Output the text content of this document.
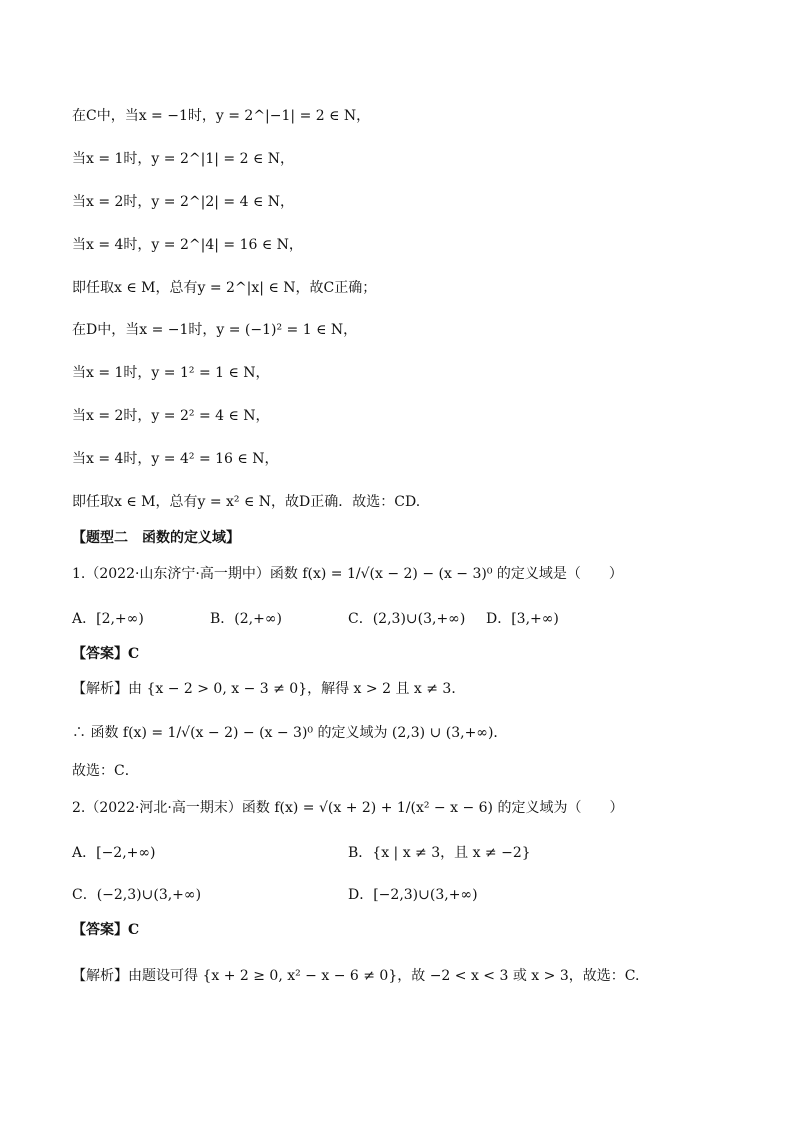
在C中，当x = −1时，y = 2^|−1| = 2 ∈ N，
当x = 1时，y = 2^|1| = 2 ∈ N，
当x = 2时，y = 2^|2| = 4 ∈ N，
当x = 4时，y = 2^|4| = 16 ∈ N，
即任取x ∈ M，总有y = 2^|x| ∈ N，故C正确；
在D中，当x = −1时，y = (−1)² = 1 ∈ N，
当x = 1时，y = 1² = 1 ∈ N，
当x = 2时，y = 2² = 4 ∈ N，
当x = 4时，y = 4² = 16 ∈ N，
即任取x ∈ M，总有y = x² ∈ N，故D正确．故选：CD.
【题型二　函数的定义域】
1.（2022·山东济宁·高一期中）函数 f(x) = 1/√(x − 2) − (x − 3)⁰ 的定义域是（　　）
A．[2,+∞)	B．(2,+∞)	C．(2,3)∪(3,+∞) D．[3,+∞)
【答案】C
【解析】由 {x − 2 > 0, x − 3 ≠ 0}，解得 x > 2 且 x ≠ 3．
∴ 函数 f(x) = 1/√(x − 2) − (x − 3)⁰ 的定义域为 (2,3) ∪ (3,+∞)．
故选：C．
2.（2022·河北·高一期末）函数 f(x) = √(x + 2) + 1/(x² − x − 6) 的定义域为（　　）
A．[−2,+∞)	B．{x | x ≠ 3，且 x ≠ −2}
C．(−2,3)∪(3,+∞)	D．[−2,3)∪(3,+∞)
【答案】C
【解析】由题设可得 {x + 2 ≥ 0, x² − x − 6 ≠ 0}，故 −2 < x < 3 或 x > 3，故选：C.
